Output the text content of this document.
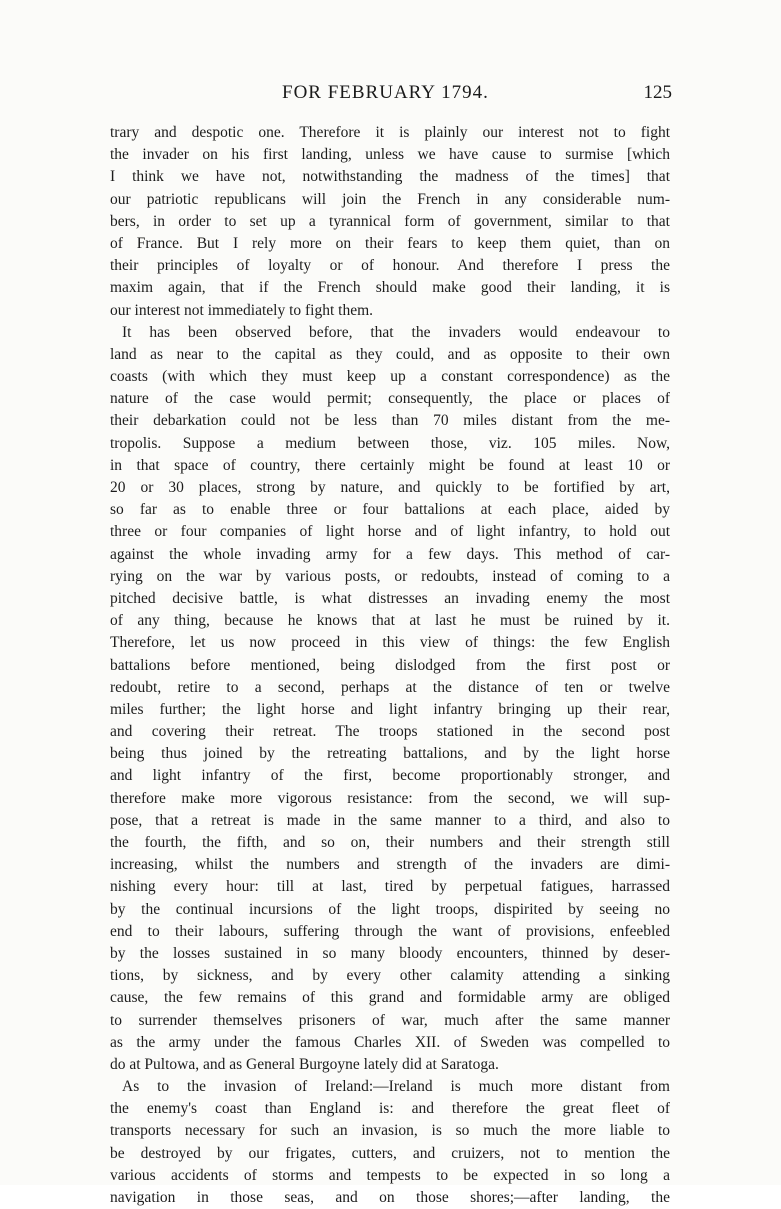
FOR FEBRUARY 1794.	125
trary and despotic one. Therefore it is plainly our interest not to fight
the invader on his first landing, unless we have cause to surmise [which
I think we have not, notwithstanding the madness of the times] that
our patriotic republicans will join the French in any considerable num-
bers, in order to set up a tyrannical form of government, similar to that
of France. But I rely more on their fears to keep them quiet, than on
their principles of loyalty or of honour. And therefore I press the
maxim again, that if the French should make good their landing, it is
our interest not immediately to fight them.
It has been observed before, that the invaders would endeavour to
land as near to the capital as they could, and as opposite to their own
coasts (with which they must keep up a constant correspondence) as the
nature of the case would permit; consequently, the place or places of
their debarkation could not be less than 70 miles distant from the me-
tropolis. Suppose a medium between those, viz. 105 miles. Now,
in that space of country, there certainly might be found at least 10 or
20 or 30 places, strong by nature, and quickly to be fortified by art,
so far as to enable three or four battalions at each place, aided by
three or four companies of light horse and of light infantry, to hold out
against the whole invading army for a few days. This method of car-
rying on the war by various posts, or redoubts, instead of coming to a
pitched decisive battle, is what distresses an invading enemy the most
of any thing, because he knows that at last he must be ruined by it.
Therefore, let us now proceed in this view of things: the few English
battalions before mentioned, being dislodged from the first post or
redoubt, retire to a second, perhaps at the distance of ten or twelve
miles further; the light horse and light infantry bringing up their rear,
and covering their retreat. The troops stationed in the second post
being thus joined by the retreating battalions, and by the light horse
and light infantry of the first, become proportionably stronger, and
therefore make more vigorous resistance: from the second, we will sup-
pose, that a retreat is made in the same manner to a third, and also to
the fourth, the fifth, and so on, their numbers and their strength still
increasing, whilst the numbers and strength of the invaders are dimi-
nishing every hour: till at last, tired by perpetual fatigues, harrassed
by the continual incursions of the light troops, dispirited by seeing no
end to their labours, suffering through the want of provisions, enfeebled
by the losses sustained in so many bloody encounters, thinned by deser-
tions, by sickness, and by every other calamity attending a sinking
cause, the few remains of this grand and formidable army are obliged
to surrender themselves prisoners of war, much after the same manner
as the army under the famous Charles XII. of Sweden was compelled to
do at Pultowa, and as General Burgoyne lately did at Saratoga.
As to the invasion of Ireland:—Ireland is much more distant from
the enemy's coast than England is: and therefore the great fleet of
transports necessary for such an invasion, is so much the more liable to
be destroyed by our frigates, cutters, and cruizers, not to mention the
various accidents of storms and tempests to be expected in so long a
navigation in those seas, and on those shores;—after landing, the
